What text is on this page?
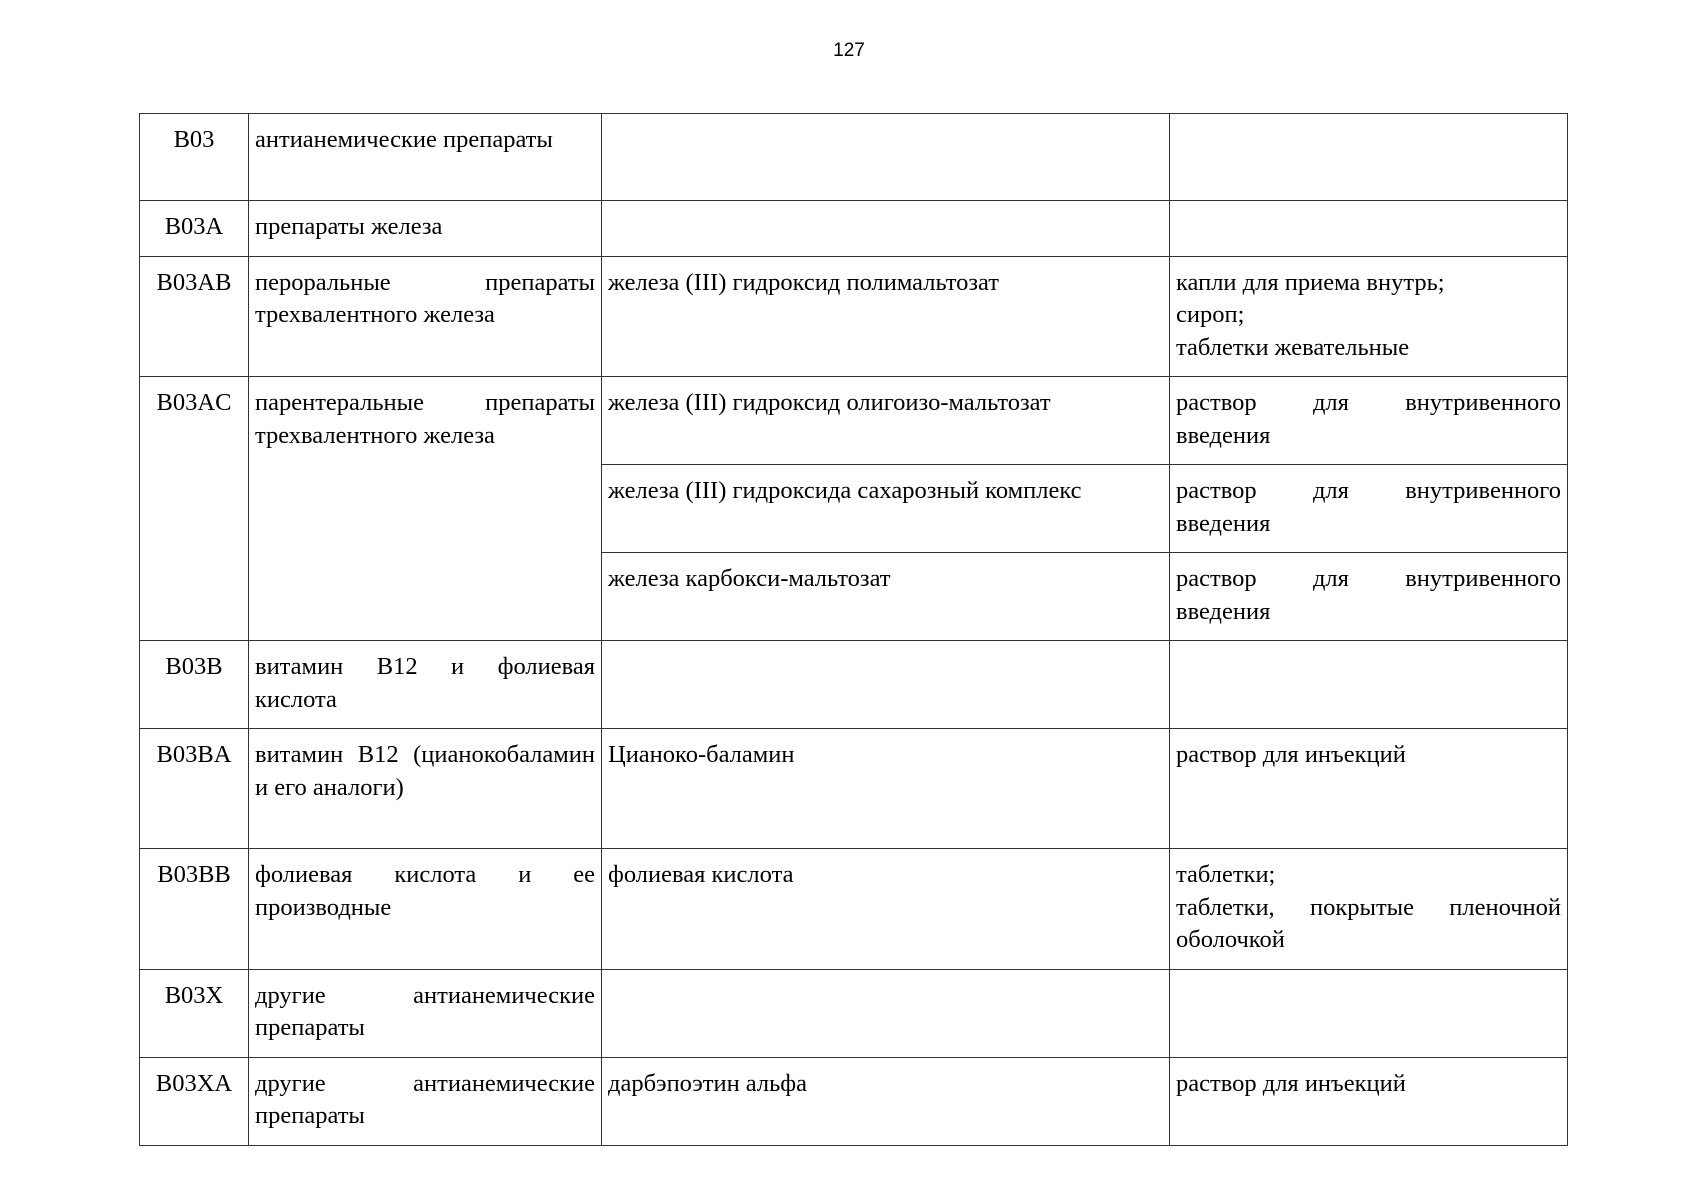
127
B03	антианемические препараты		
B03A	препараты железа		
B03AB	пероральные препараты трехвалентного железа	железа (III) гидроксид полимальтозат	капли для приема внутрь;
сироп;
таблетки жевательные

B03AC	парентеральные препараты трехвалентного железа	железа (III) гидроксид олигоизо-мальтозат	раствор для внутривенного введения
		железа (III) гидроксида сахарозный комплекс	раствор для внутривенного введения
		железа карбокси-мальтозат	раствор для внутривенного введения
B03B	витамин В12 и фолиевая кислота		
B03BA	витамин В12 (цианокобаламин и его аналоги)	Цианоко-баламин	раствор для инъекций
B03BB	фолиевая кислота и ее производные	фолиевая кислота	таблетки;
таблетки, покрытые пленочной оболочкой

B03X	другие антианемические препараты		
B03XA	другие антианемические препараты	дарбэпоэтин альфа	раствор для инъекций
